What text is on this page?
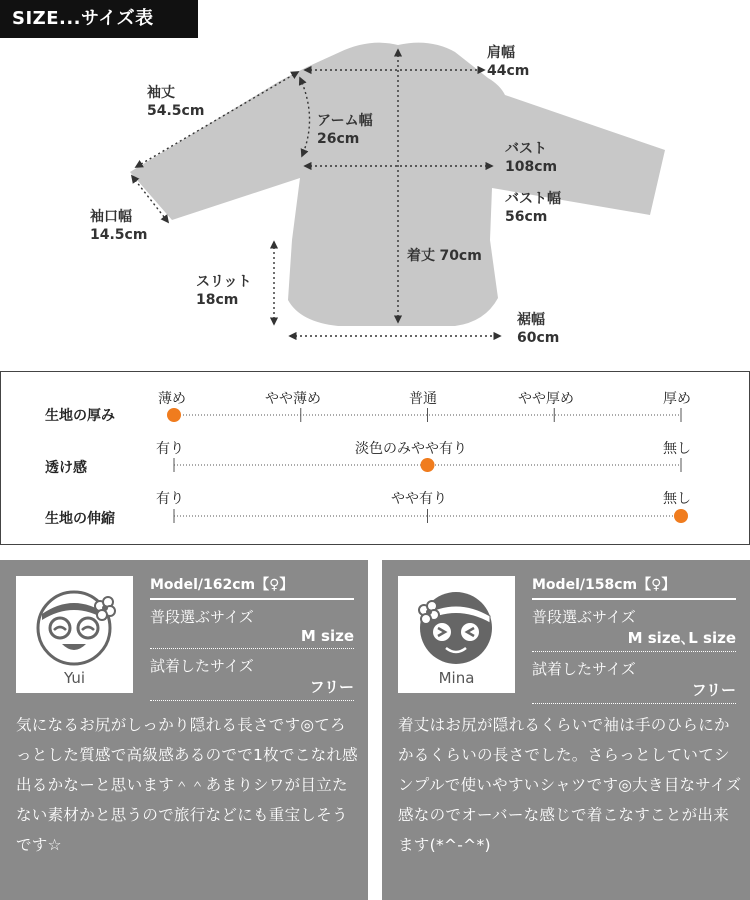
SIZE...サイズ表
肩幅
44cm
袖丈
54.5cm
アーム幅
26cm
バスト
108cm
バスト幅
56cm
袖口幅
14.5cm
着丈 70cm
スリット
18cm
裾幅
60cm
生地の厚み
透け感
生地の伸縮
薄め	やや薄め	普通	やや厚め	厚め
有り	淡色のみやや有り	無し
有り	やや有り	無し
Yui
Model/162cm【♀】
普段選ぶサイズ
M size
試着したサイズ
フリー
気になるお尻がしっかり隠れる長さです◎てろっとした質感で高級感あるのでで1枚でこなれ感出るかなーと思います＾＾あまりシワが目立たない素材かと思うので旅行などにも重宝しそうです☆
Mina
Model/158cm【♀】
普段選ぶサイズ
M size､L size
試着したサイズ
フリー
着丈はお尻が隠れるくらいで袖は手のひらにかかるくらいの長さでした。さらっとしていてシンプルで使いやすいシャツです◎大き目なサイズ感なのでオーバーな感じで着こなすことが出来ます(*^-^*)
